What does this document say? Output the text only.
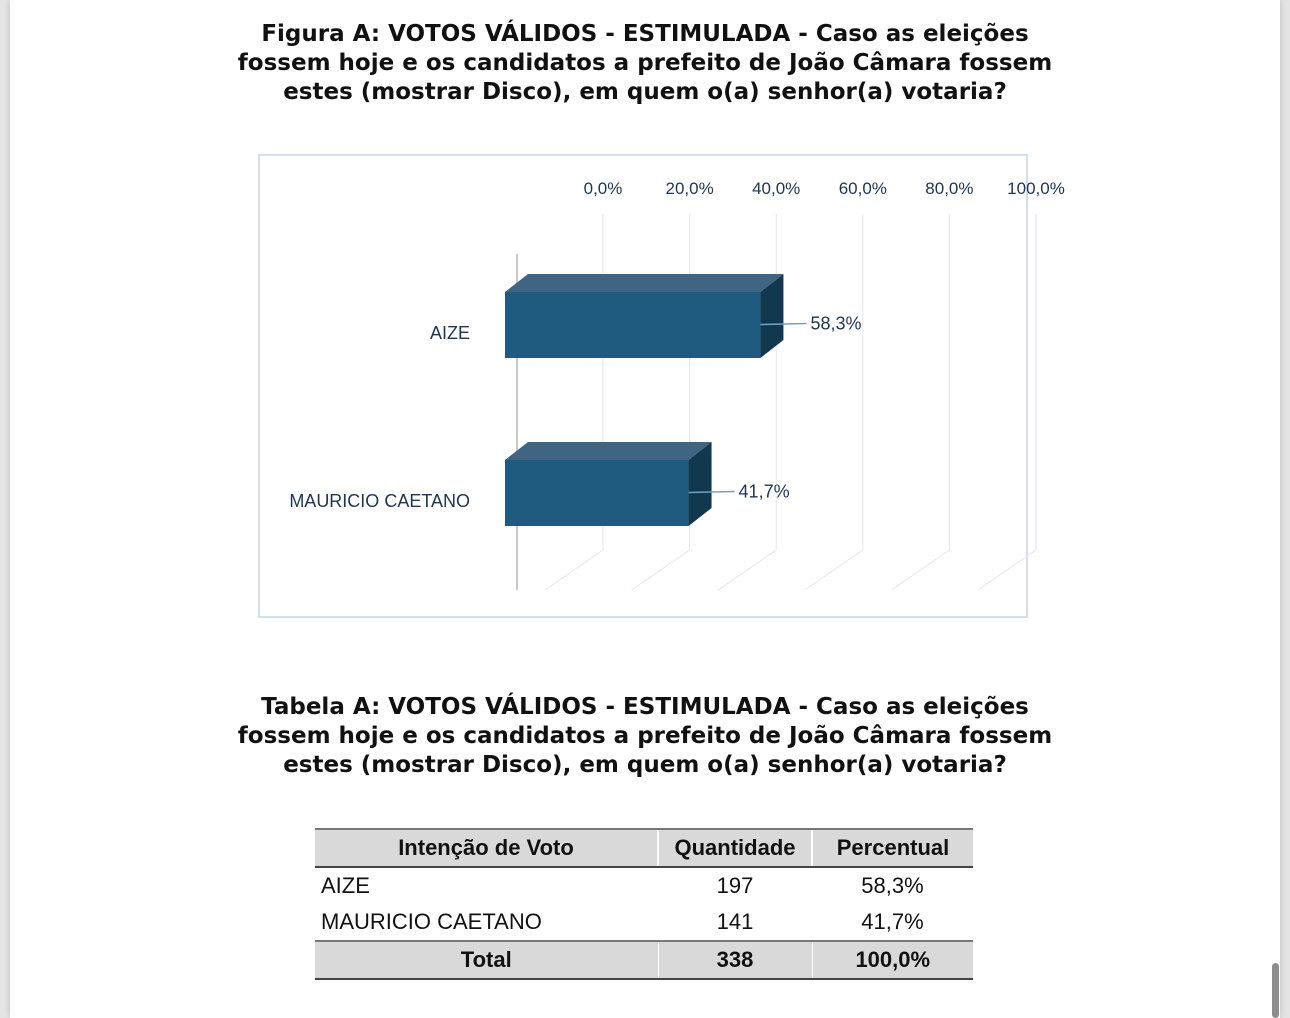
Figura A: VOTOS VÁLIDOS - ESTIMULADA - Caso as eleições
fossem hoje e os candidatos a prefeito de João Câmara fossem
estes (mostrar Disco), em quem o(a) senhor(a) votaria?
0,0%	20,0% 40,0% 60,0% 80,0% 100,0%
58,3%
AIZE
41,7%
MAURICIO CAETANO
Tabela A: VOTOS VÁLIDOS - ESTIMULADA - Caso as eleições
fossem hoje e os candidatos a prefeito de João Câmara fossem
estes (mostrar Disco), em quem o(a) senhor(a) votaria?
Intenção de Voto	Quantidade	Percentual
AIZE	197	58,3%
MAURICIO CAETANO	141	41,7%
Total	338	100,0%
